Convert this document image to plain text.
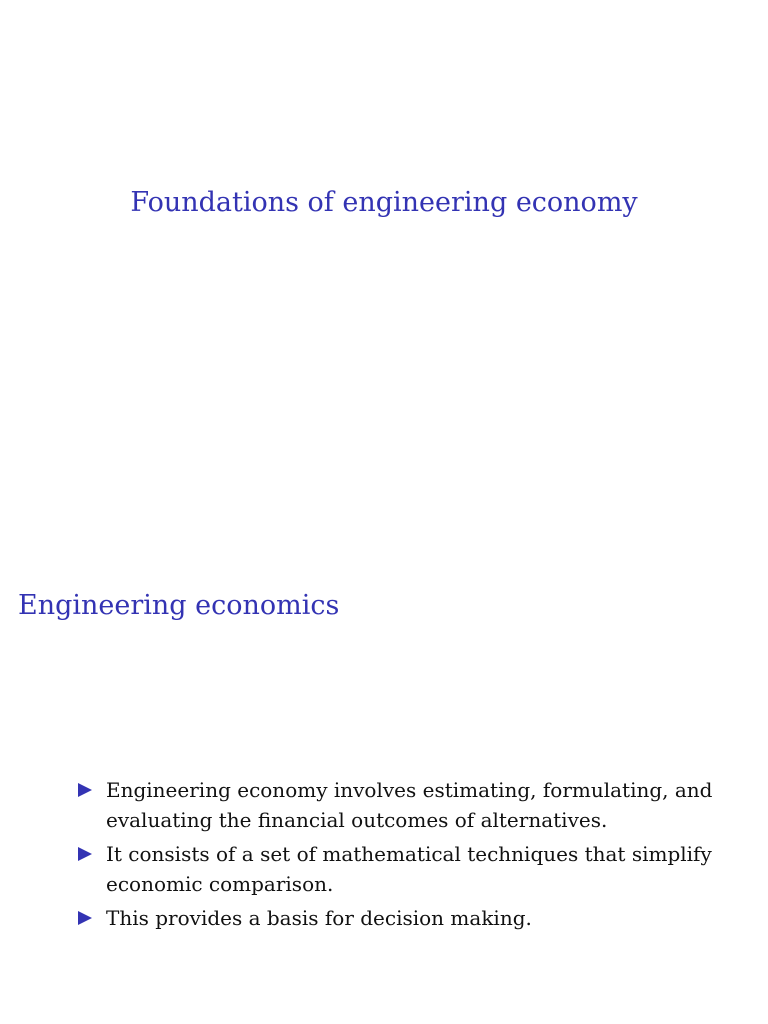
Foundations of engineering economy
Engineering economics
Engineering economy involves estimating, formulating, and evaluating the financial outcomes of alternatives.
It consists of a set of mathematical techniques that simplify economic comparison.
This provides a basis for decision making.
